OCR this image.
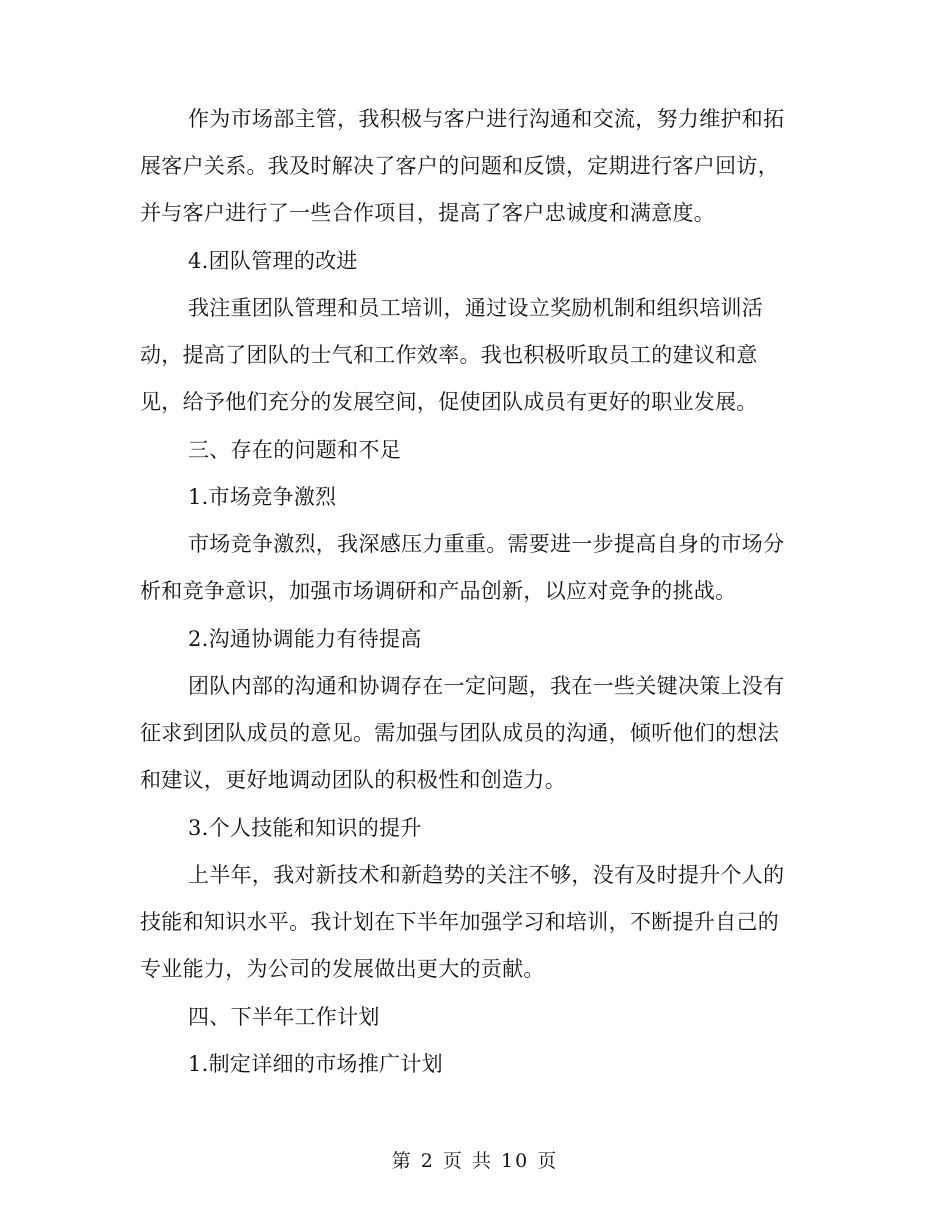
作为市场部主管，我积极与客户进行沟通和交流，努力维护和拓
展客户关系。我及时解决了客户的问题和反馈，定期进行客户回访，
并与客户进行了一些合作项目，提高了客户忠诚度和满意度。
4.团队管理的改进
我注重团队管理和员工培训，通过设立奖励机制和组织培训活
动，提高了团队的士气和工作效率。我也积极听取员工的建议和意
见，给予他们充分的发展空间，促使团队成员有更好的职业发展。
三、存在的问题和不足
1.市场竞争激烈
市场竞争激烈，我深感压力重重。需要进一步提高自身的市场分
析和竞争意识，加强市场调研和产品创新，以应对竞争的挑战。
2.沟通协调能力有待提高
团队内部的沟通和协调存在一定问题，我在一些关键决策上没有
征求到团队成员的意见。需加强与团队成员的沟通，倾听他们的想法
和建议，更好地调动团队的积极性和创造力。
3.个人技能和知识的提升
上半年，我对新技术和新趋势的关注不够，没有及时提升个人的
技能和知识水平。我计划在下半年加强学习和培训，不断提升自己的
专业能力，为公司的发展做出更大的贡献。
四、下半年工作计划
1.制定详细的市场推广计划
第 2 页 共 10 页
